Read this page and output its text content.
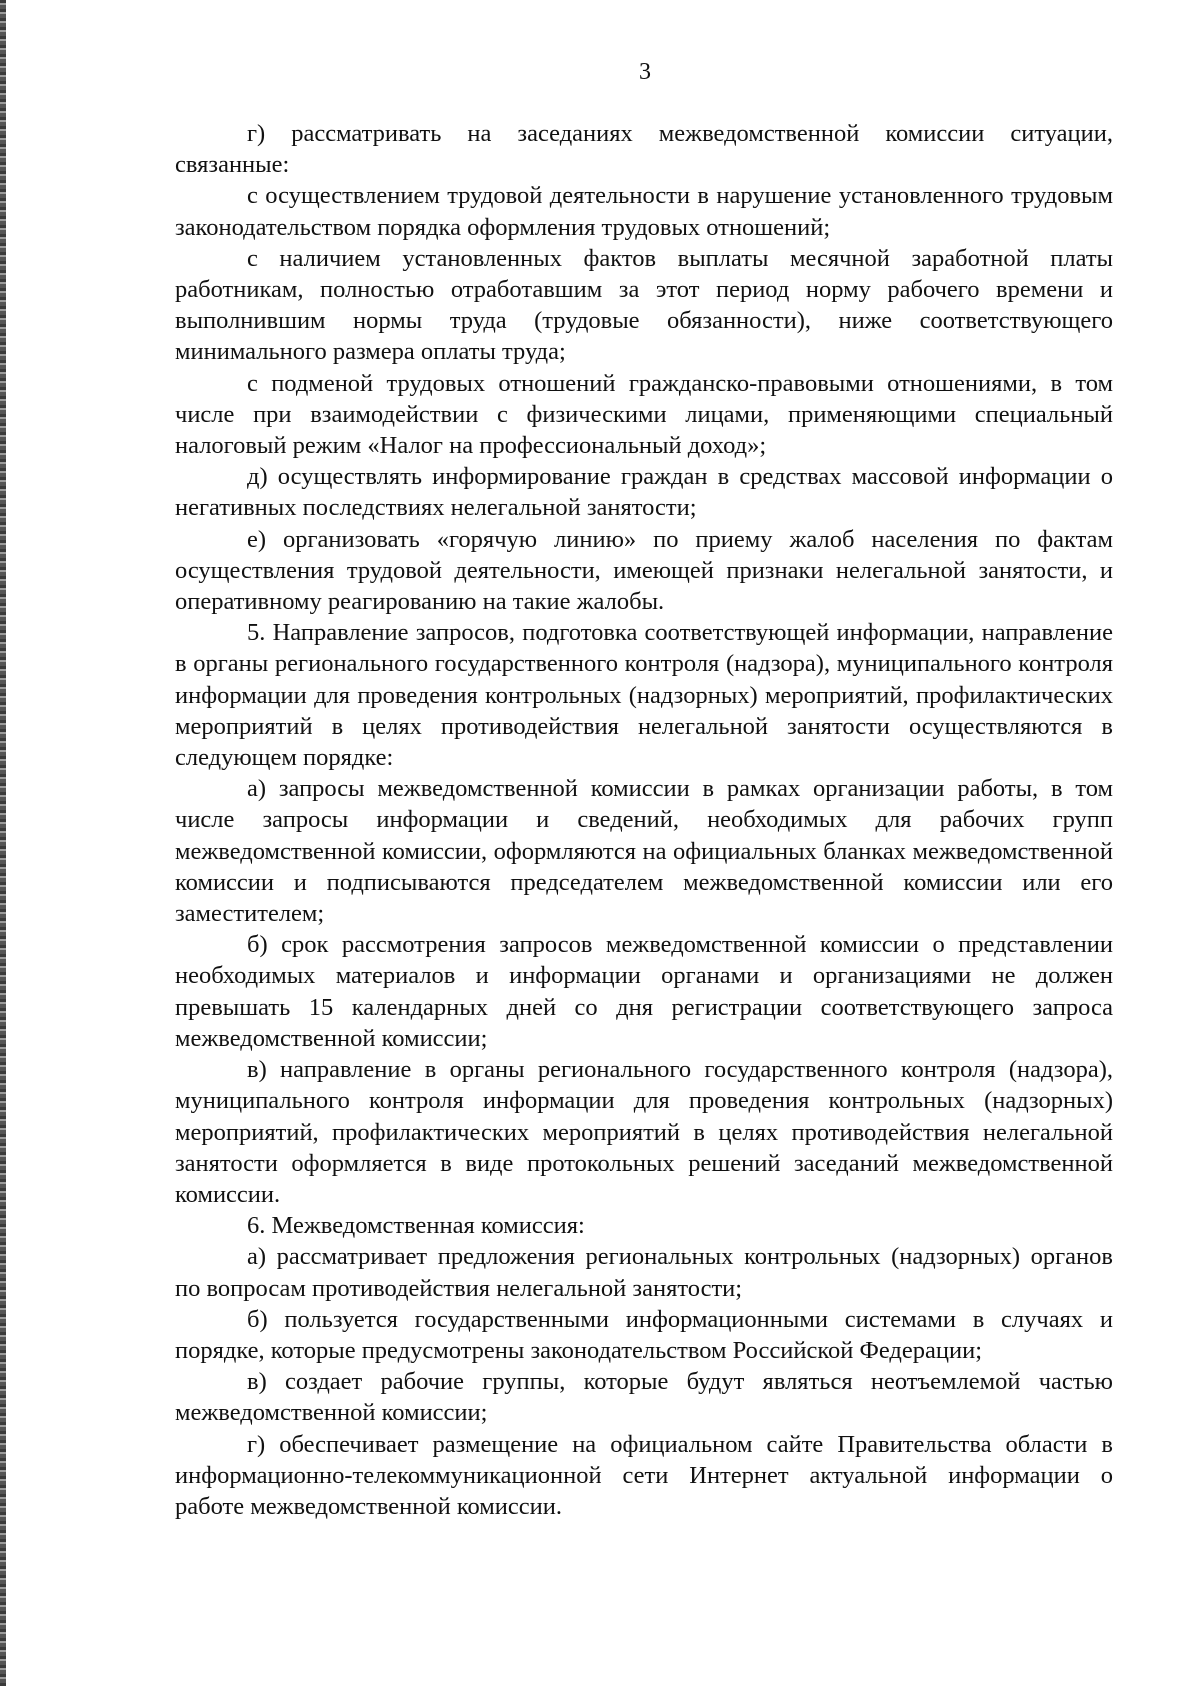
3

г) рассматривать на заседаниях межведомственной комиссии ситуации, связанные:

с осуществлением трудовой деятельности в нарушение установленного трудовым законодательством порядка оформления трудовых отношений;

с наличием установленных фактов выплаты месячной заработной платы работникам, полностью отработавшим за этот период норму рабочего времени и выполнившим нормы труда (трудовые обязанности), ниже соответствующего минимального размера оплаты труда;

с подменой трудовых отношений гражданско-правовыми отношениями, в том числе при взаимодействии с физическими лицами, применяющими специальный налоговый режим «Налог на профессиональный доход»;

д) осуществлять информирование граждан в средствах массовой информации о негативных последствиях нелегальной занятости;

е) организовать «горячую линию» по приему жалоб населения по фактам осуществления трудовой деятельности, имеющей признаки нелегальной занятости, и оперативному реагированию на такие жалобы.

5. Направление запросов, подготовка соответствующей информации, направление в органы регионального государственного контроля (надзора), муниципального контроля информации для проведения контрольных (надзорных) мероприятий, профилактических мероприятий в целях противодействия нелегальной занятости осуществляются в следующем порядке:

а) запросы межведомственной комиссии в рамках организации работы, в том числе запросы информации и сведений, необходимых для рабочих групп межведомственной комиссии, оформляются на официальных бланках межведомственной комиссии и подписываются председателем межведомственной комиссии или его заместителем;

б) срок рассмотрения запросов межведомственной комиссии о представлении необходимых материалов и информации органами и организациями не должен превышать 15 календарных дней со дня регистрации соответствующего запроса межведомственной комиссии;

в) направление в органы регионального государственного контроля (надзора), муниципального контроля информации для проведения контрольных (надзорных) мероприятий, профилактических мероприятий в целях противодействия нелегальной занятости оформляется в виде протокольных решений заседаний межведомственной комиссии.

6. Межведомственная комиссия:

а) рассматривает предложения региональных контрольных (надзорных) органов по вопросам противодействия нелегальной занятости;

б) пользуется государственными информационными системами в случаях и порядке, которые предусмотрены законодательством Российской Федерации;

в) создает рабочие группы, которые будут являться неотъемлемой частью межведомственной комиссии;

г) обеспечивает размещение на официальном сайте Правительства области в информационно-телекоммуникационной сети Интернет актуальной информации о работе межведомственной комиссии.
